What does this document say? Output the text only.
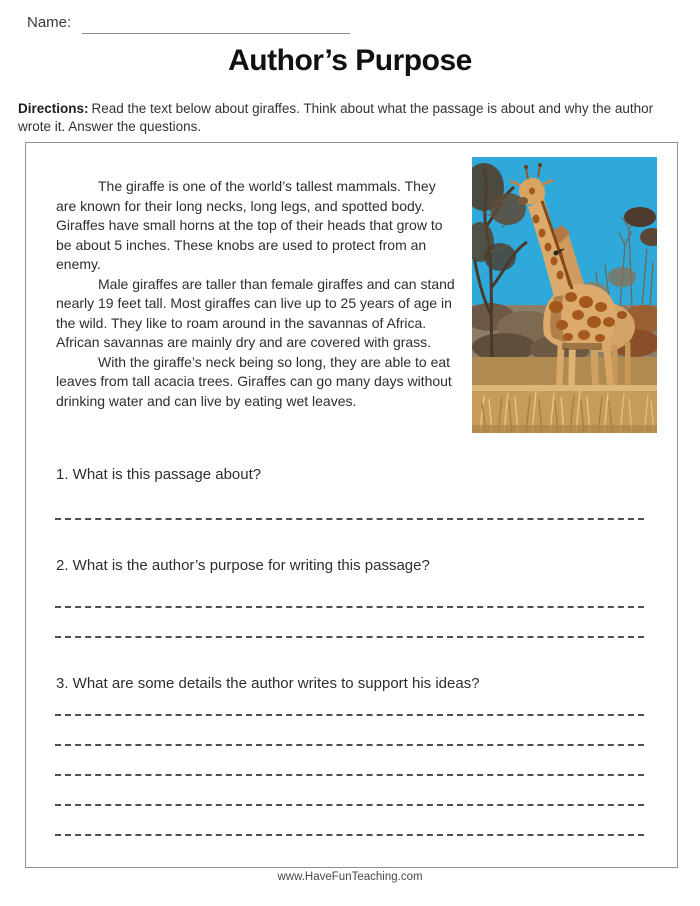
Name:
Author’s Purpose
Directions: Read the text below about giraffes. Think about what the passage is about and why the author wrote it. Answer the questions.

The giraffe is one of the world’s tallest mammals. They are known for their long necks, long legs, and spotted body. Giraffes have small horns at the top of their heads that grow to be about 5 inches. These knobs are used to protect from an enemy.

Male giraffes are taller than female giraffes and can stand nearly 19 feet tall. Most giraffes can live up to 25 years of age in the wild. They like to roam around in the savannas of Africa. African savannas are mainly dry and are covered with grass.

With the giraffe’s neck being so long, they are able to eat leaves from tall acacia trees. Giraffes can go many days without drinking water and can live by eating wet leaves.

1. What is this passage about?
2. What is the author’s purpose for writing this passage?
3. What are some details the author writes to support his ideas?
www.HaveFunTeaching.com
